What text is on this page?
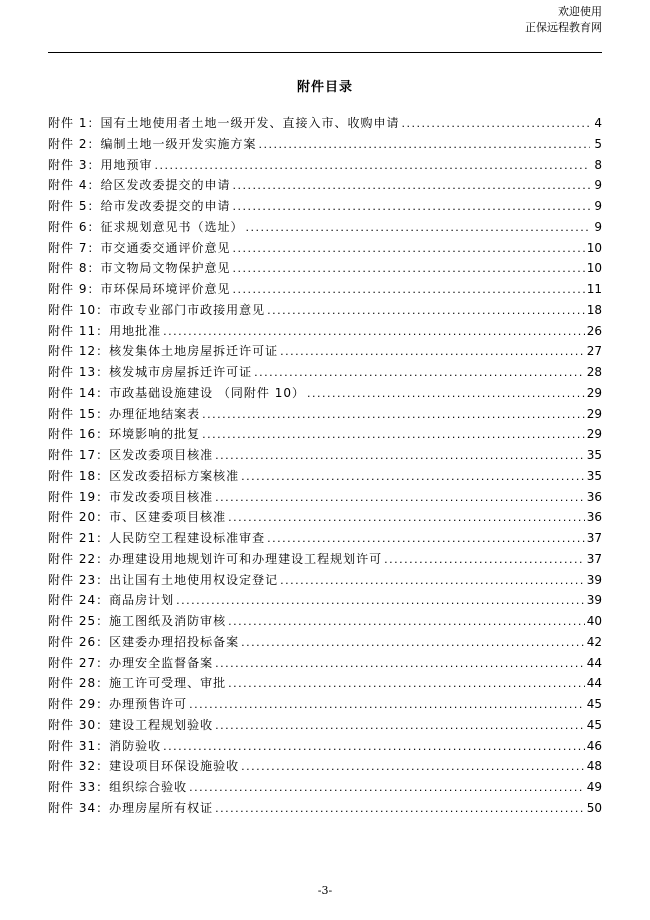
欢迎使用
正保远程教育网
附件目录
附件 1：国有土地使用者土地一级开发、直接入市、收购申请 .....	4
附件 2：编制土地一级开发实施方案 .....	5
附件 3：用地预审 .....	8
附件 4：给区发改委提交的申请 .....	9
附件 5：给市发改委提交的申请 .....	9
附件 6：征求规划意见书（选址） .....	9
附件 7：市交通委交通评价意见 .....	10
附件 8：市文物局文物保护意见 .....	10
附件 9：市环保局环境评价意见 .....	11
附件 10：市政专业部门市政接用意见 .....	18
附件 11：用地批准 .....	26
附件 12：核发集体土地房屋拆迁许可证 .....	27
附件 13：核发城市房屋拆迁许可证 .....	28
附件 14：市政基础设施建设 （同附件 10） .....	29
附件 15：办理征地结案表 .....	29
附件 16：环境影响的批复 .....	29
附件 17：区发改委项目核准 .....	35
附件 18：区发改委招标方案核准 .....	35
附件 19：市发改委项目核准 .....	36
附件 20：市、区建委项目核准 .....	36
附件 21：人民防空工程建设标准审查 .....	37
附件 22：办理建设用地规划许可和办理建设工程规划许可 .....	37
附件 23：出让国有土地使用权设定登记 .....	39
附件 24：商品房计划 .....	39
附件 25：施工图纸及消防审核 .....	40
附件 26：区建委办理招投标备案 .....	42
附件 27：办理安全监督备案 .....	44
附件 28：施工许可受理、审批 .....	44
附件 29：办理预售许可 .....	45
附件 30：建设工程规划验收 .....	45
附件 31：消防验收 .....	46
附件 32：建设项目环保设施验收 .....	48
附件 33：组织综合验收 .....	49
附件 34：办理房屋所有权证 .....	50
-3-
